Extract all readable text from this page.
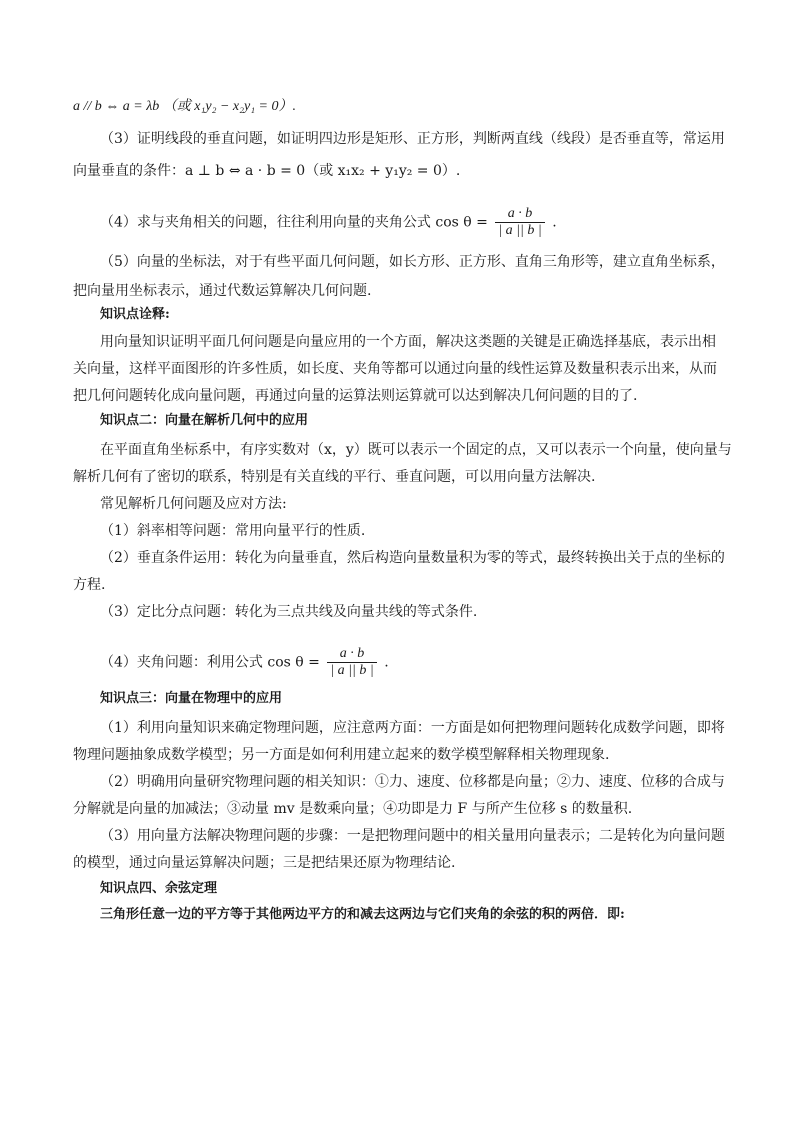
a // b ⇔ a = λb （或 x₁y₂ − x₂y₁ = 0）.
（3）证明线段的垂直问题，如证明四边形是矩形、正方形，判断两直线（线段）是否垂直等，常运用
向量垂直的条件：a ⊥ b ⇔ a · b = 0（或 x₁x₂ + y₁y₂ = 0）.
（4）求与夹角相关的问题，往往利用向量的夹角公式 $\cos \theta = \frac{a \cdot b}{| a || b |}$ .
（5）向量的坐标法，对于有些平面几何问题，如长方形、正方形、直角三角形等，建立直角坐标系，
把向量用坐标表示，通过代数运算解决几何问题.
知识点诠释:
用向量知识证明平面几何问题是向量应用的一个方面，解决这类题的关键是正确选择基底，表示出相
关向量，这样平面图形的许多性质，如长度、夹角等都可以通过向量的线性运算及数量积表示出来，从而
把几何问题转化成向量问题，再通过向量的运算法则运算就可以达到解决几何问题的目的了.
知识点二：向量在解析几何中的应用
在平面直角坐标系中，有序实数对（x，y）既可以表示一个固定的点，又可以表示一个向量，使向量与
解析几何有了密切的联系，特别是有关直线的平行、垂直问题，可以用向量方法解决.
常见解析几何问题及应对方法:
（1）斜率相等问题：常用向量平行的性质.
（2）垂直条件运用：转化为向量垂直，然后构造向量数量积为零的等式，最终转换出关于点的坐标的
方程.
（3）定比分点问题：转化为三点共线及向量共线的等式条件.
（4）夹角问题：利用公式 $\cos \theta = \frac{a \cdot b}{| a || b |}$ .
知识点三：向量在物理中的应用
（1）利用向量知识来确定物理问题，应注意两方面：一方面是如何把物理问题转化成数学问题，即将
物理问题抽象成数学模型；另一方面是如何利用建立起来的数学模型解释相关物理现象.
（2）明确用向量研究物理问题的相关知识：①力、速度、位移都是向量；②力、速度、位移的合成与
分解就是向量的加减法；③动量 mv 是数乘向量；④功即是力 F 与所产生位移 s 的数量积.
（3）用向量方法解决物理问题的步骤：一是把物理问题中的相关量用向量表示；二是转化为向量问题
的模型，通过向量运算解决问题；三是把结果还原为物理结论.
知识点四、余弦定理
三角形任意一边的平方等于其他两边平方的和减去这两边与它们夹角的余弦的积的两倍．即:
